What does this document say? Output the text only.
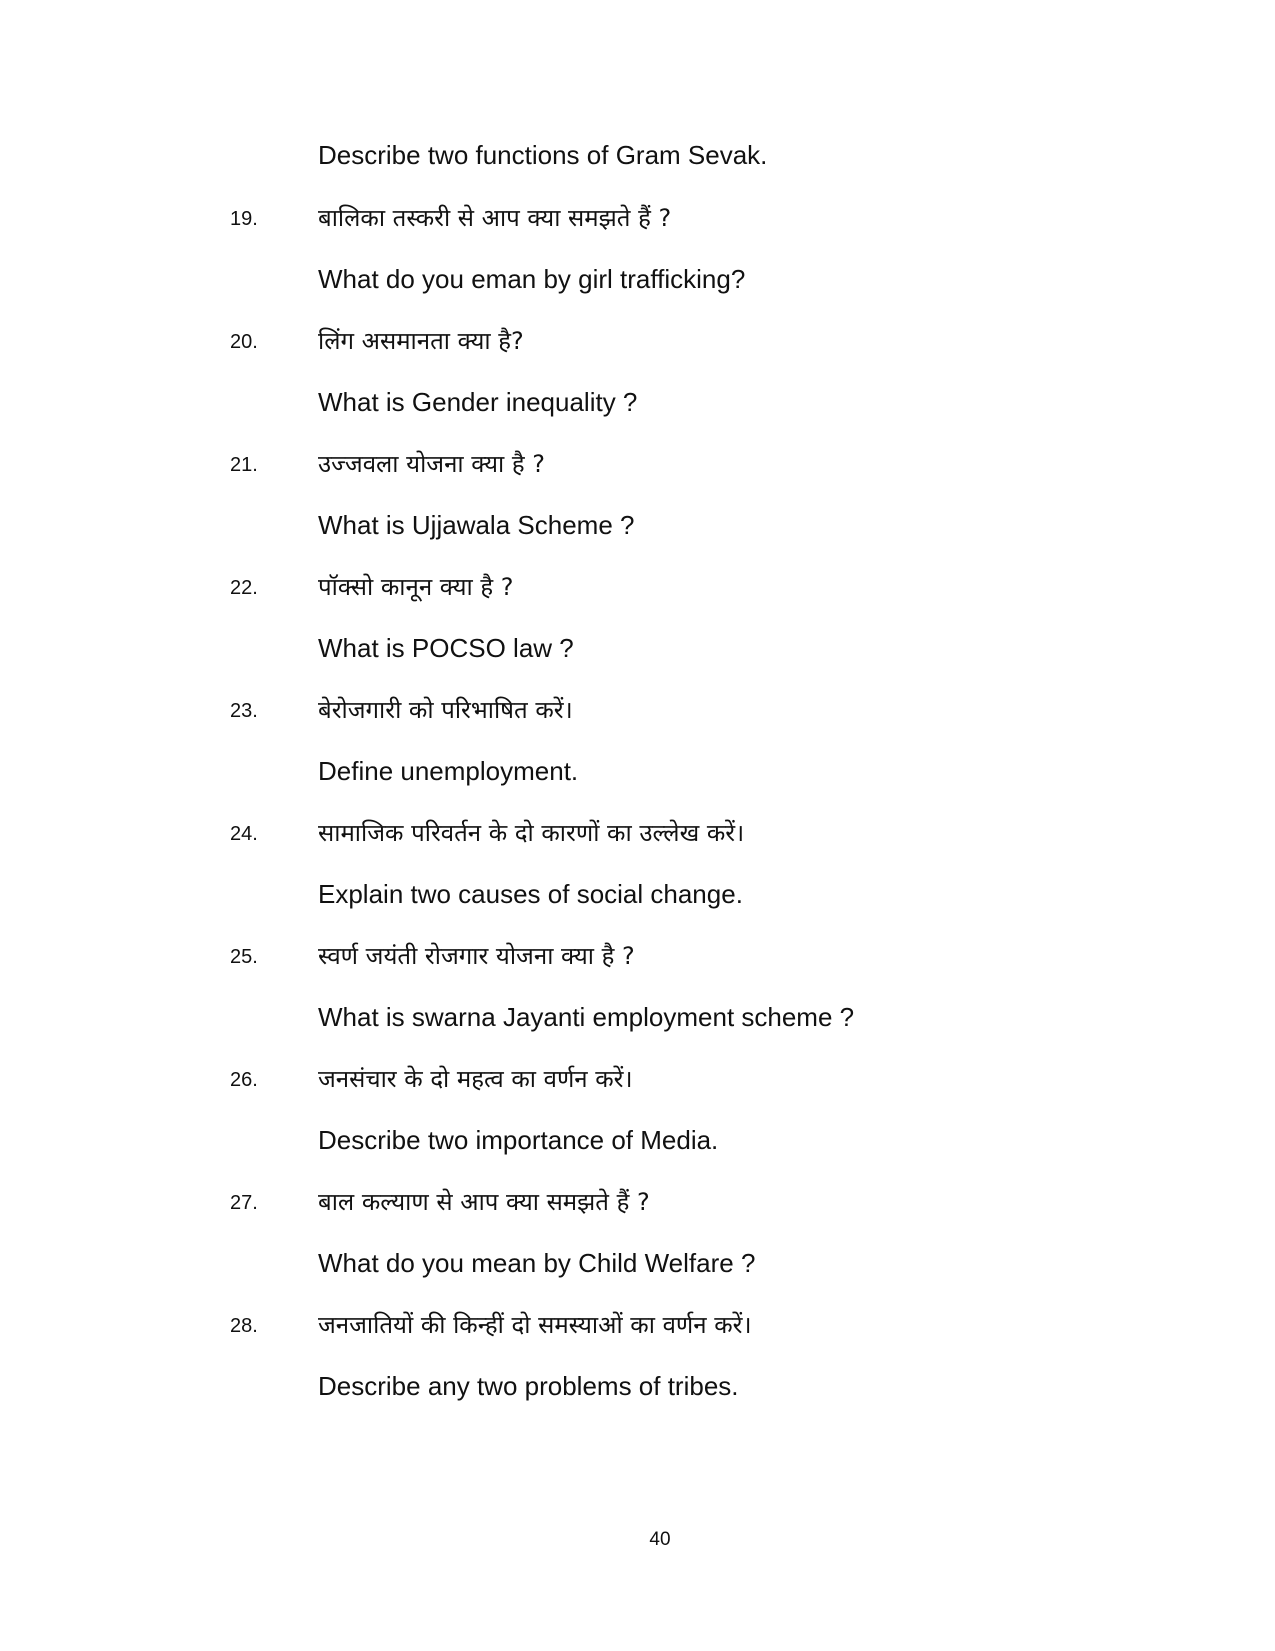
Describe two functions of Gram Sevak.
19.	बालिका तस्करी से आप क्या समझते हैं ?
What do you eman by girl trafficking?
20.	लिंग असमानता क्या है?
What is Gender inequality ?
21.	उज्जवला योजना क्या है ?
What is Ujjawala Scheme ?
22.	पॉक्सो कानून क्या है ?
What is POCSO law ?
23.	बेरोजगारी को परिभाषित करें।
Define unemployment.
24.	सामाजिक परिवर्तन के दो कारणों का उल्लेख करें।
Explain two causes of social change.
25.	स्वर्ण जयंती रोजगार योजना क्या है ?
What is swarna Jayanti employment scheme ?
26.	जनसंचार के दो महत्व का वर्णन करें।
Describe two importance of Media.
27.	बाल कल्याण से आप क्या समझते हैं ?
What do you mean by Child Welfare ?
28.	जनजातियों की किन्हीं दो समस्याओं का वर्णन करें।
Describe any two problems of tribes.
40
